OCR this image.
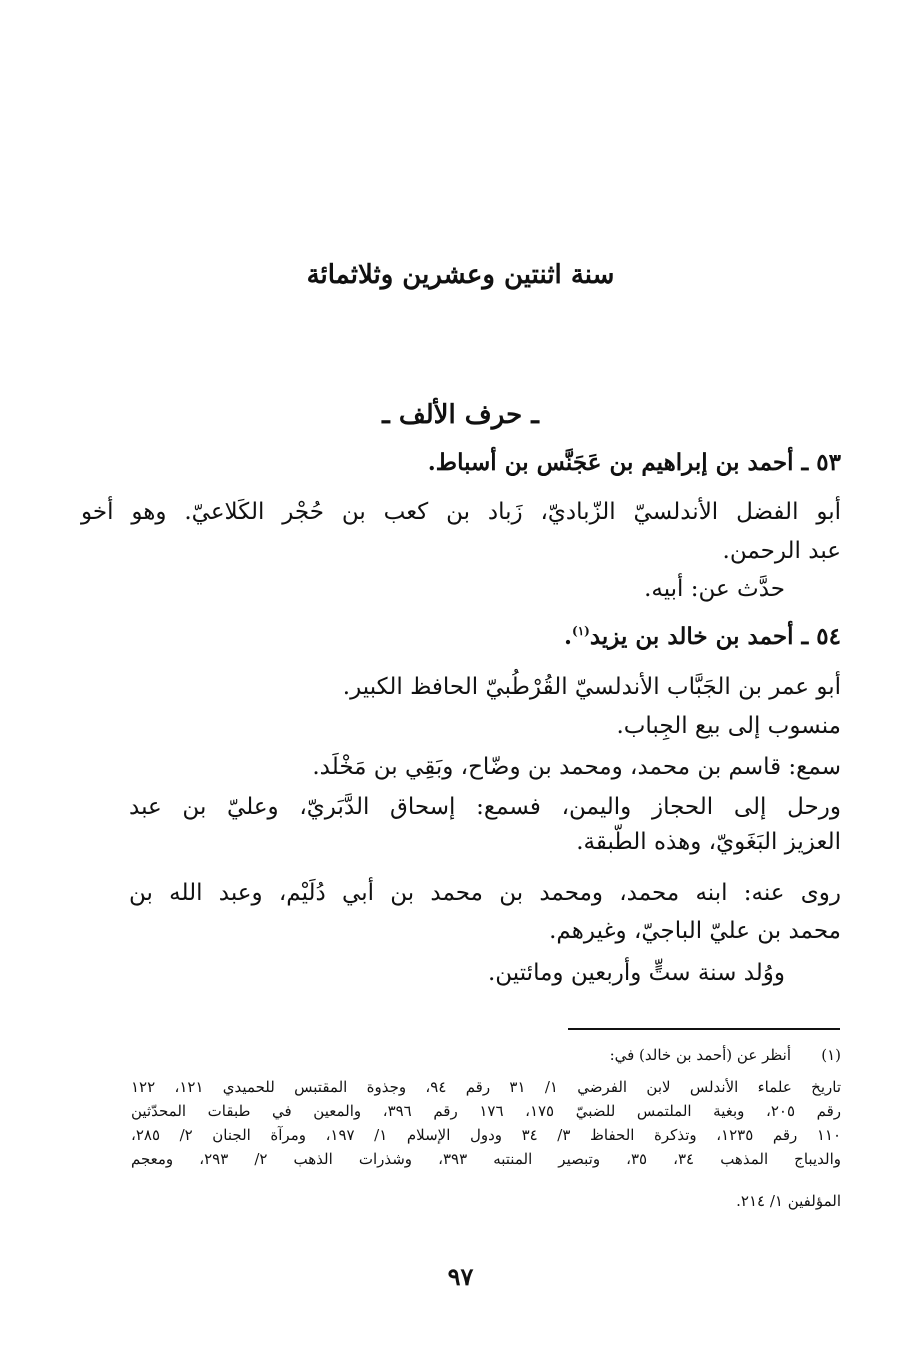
سنة اثنتين وعشرين وثلاثمائة
ـ حرف الألف ـ
٥٣ ـ أحمد بن إبراهيم بن عَجَنَّس بن أسباط.
أبو الفضل الأندلسيّ الزّباديّ، زَباد بن كعب بن حُجْر الكَلاعيّ. وهو أخو
عبد الرحمن.
حدَّث عن: أبيه.
٥٤ ـ أحمد بن خالد بن يزيد$^{(١)}$.
أبو عمر بن الجَبَّاب الأندلسيّ القُرْطُبيّ الحافظ الكبير.
منسوب إلى بيع الجِباب.
سمع: قاسم بن محمد، ومحمد بن وضّاح، وبَقِي بن مَخْلَد.
ورحل إلى الحجاز واليمن، فسمع: إسحاق الدَّبَريّ، وعليّ بن عبد
العزيز البَغَويّ، وهذه الطّبقة.
روى عنه: ابنه محمد، ومحمد بن محمد بن أبي دُلَيْم، وعبد الله بن
محمد بن عليّ الباجيّ، وغيرهم.
ووُلد سنة ستٍّ وأربعين ومائتين.
(١)
أنظر عن (أحمد بن خالد) في:
تاريخ علماء الأندلس لابن الفرضي ١/ ٣١ رقم ٩٤، وجذوة المقتبس للحميدي ١٢١، ١٢٢
رقم ٢٠٥، وبغية الملتمس للضبيّ ١٧٥، ١٧٦ رقم ٣٩٦، والمعين في طبقات المحدّثين
١١٠ رقم ١٢٣٥، وتذكرة الحفاظ ٣/ ٣٤ ودول الإسلام ١/ ١٩٧، ومرآة الجنان ٢/ ٢٨٥،
والديباج المذهب ٣٤، ٣٥، وتبصير المنتبه ٣٩٣، وشذرات الذهب ٢/ ٢٩٣، ومعجم
المؤلفين ١/ ٢١٤.
٩٧
